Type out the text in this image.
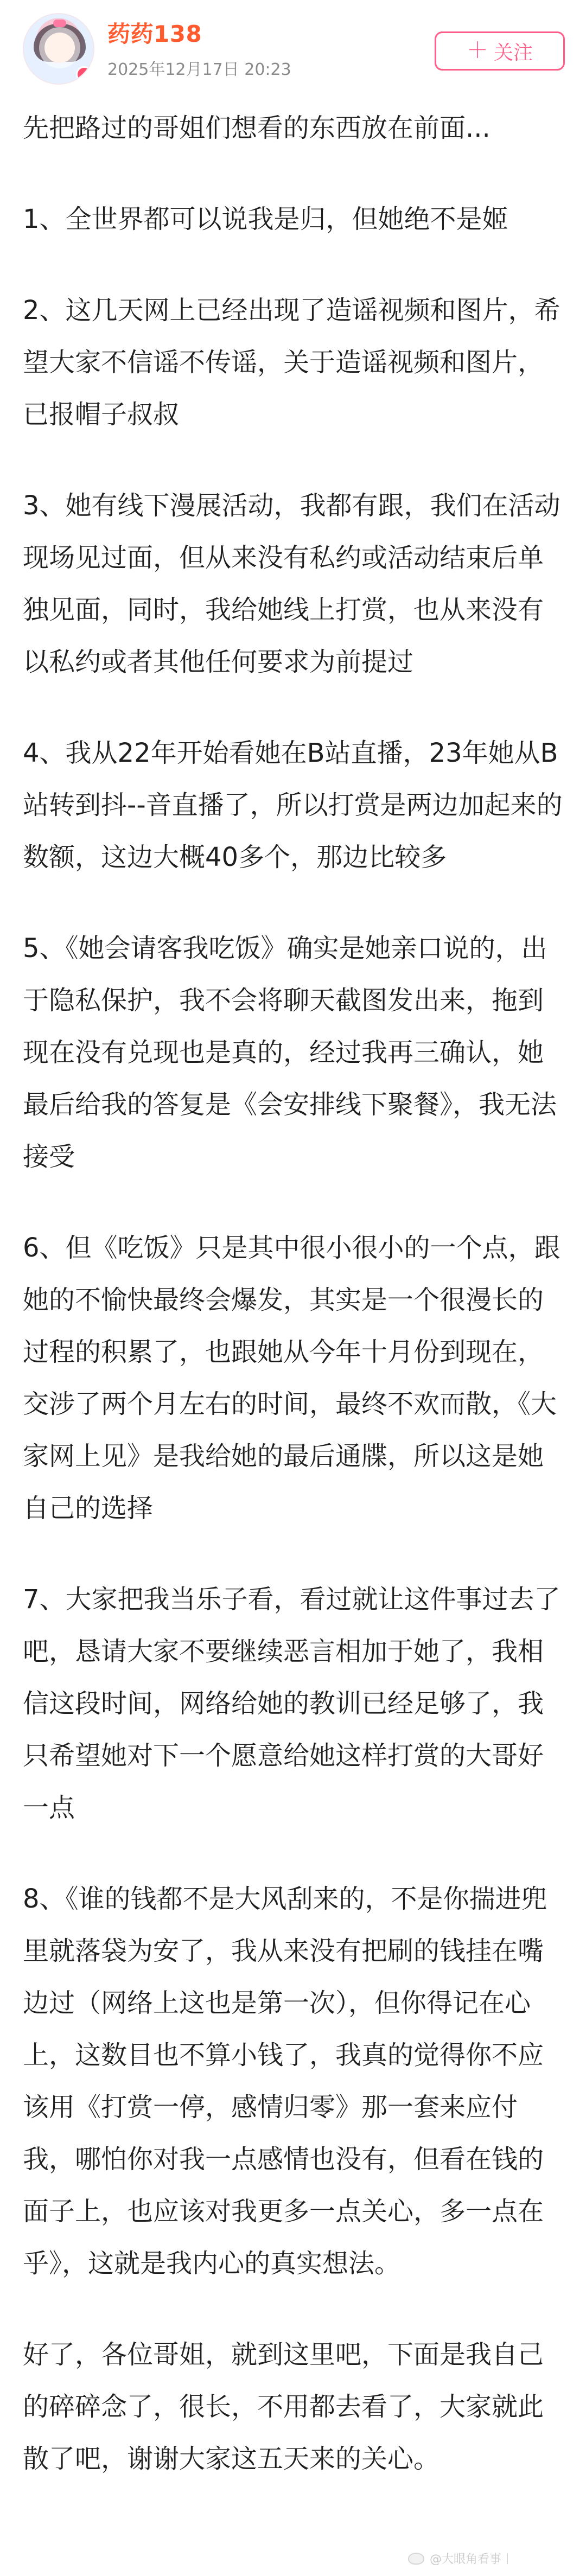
药药138
2025年12月17日 20:23
＋ 关注

先把路过的哥姐们想看的东西放在前面...

1、全世界都可以说我是归，但她绝不是姬

2、这几天网上已经出现了造谣视频和图片，希望大家不信谣不传谣，关于造谣视频和图片，已报帽子叔叔

3、她有线下漫展活动，我都有跟，我们在活动现场见过面，但从来没有私约或活动结束后单独见面，同时，我给她线上打赏，也从来没有以私约或者其他任何要求为前提过

4、我从22年开始看她在B站直播，23年她从B站转到抖--音直播了，所以打赏是两边加起来的数额，这边大概40多个，那边比较多

5、《她会请客我吃饭》确实是她亲口说的，出于隐私保护，我不会将聊天截图发出来，拖到现在没有兑现也是真的，经过我再三确认，她最后给我的答复是《会安排线下聚餐》，我无法接受

6、但《吃饭》只是其中很小很小的一个点，跟她的不愉快最终会爆发，其实是一个很漫长的过程的积累了，也跟她从今年十月份到现在，交涉了两个月左右的时间，最终不欢而散，《大家网上见》是我给她的最后通牒，所以这是她自己的选择

7、大家把我当乐子看，看过就让这件事过去了吧，恳请大家不要继续恶言相加于她了，我相信这段时间，网络给她的教训已经足够了，我只希望她对下一个愿意给她这样打赏的大哥好一点

8、《谁的钱都不是大风刮来的，不是你揣进兜里就落袋为安了，我从来没有把刷的钱挂在嘴边过（网络上这也是第一次），但你得记在心上，这数目也不算小钱了，我真的觉得你不应该用《打赏一停，感情归零》那一套来应付我，哪怕你对我一点感情也没有，但看在钱的面子上，也应该对我更多一点关心，多一点在乎》，这就是我内心的真实想法。

好了，各位哥姐，就到这里吧，下面是我自己的碎碎念了，很长，不用都去看了，大家就此散了吧，谢谢大家这五天来的关心。

@大眼角看事
